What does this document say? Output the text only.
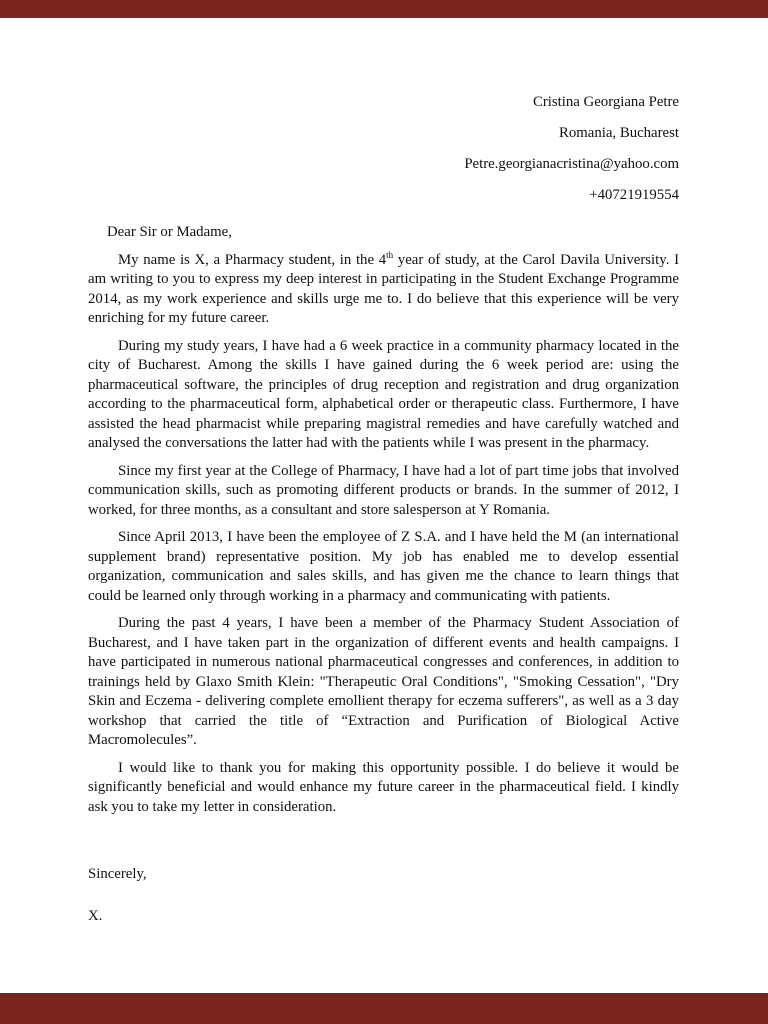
Cristina Georgiana Petre

Romania, Bucharest

Petre.georgianacristina@yahoo.com

+40721919554

Dear Sir or Madame,

My name is X, a Pharmacy student, in the 4th year of study, at the Carol Davila University. I am writing to you to express my deep interest in participating in the Student Exchange Programme 2014, as my work experience and skills urge me to. I do believe that this experience will be very enriching for my future career.

During my study years, I have had a 6 week practice in a community pharmacy located in the city of Bucharest. Among the skills I have gained during the 6 week period are: using the pharmaceutical software, the principles of drug reception and registration and drug organization according to the pharmaceutical form, alphabetical order or therapeutic class. Furthermore, I have assisted the head pharmacist while preparing magistral remedies and have carefully watched and analysed the conversations the latter had with the patients while I was present in the pharmacy.

Since my first year at the College of Pharmacy, I have had a lot of part time jobs that involved communication skills, such as promoting different products or brands. In the summer of 2012, I worked, for three months, as a consultant and store salesperson at Y Romania.

Since April 2013, I have been the employee of Z S.A. and I have held the M (an international supplement brand) representative position. My job has enabled me to develop essential organization, communication and sales skills, and has given me the chance to learn things that could be learned only through working in a pharmacy and communicating with patients.

During the past 4 years, I have been a member of the Pharmacy Student Association of Bucharest, and I have taken part in the organization of different events and health campaigns. I have participated in numerous national pharmaceutical congresses and conferences, in addition to trainings held by Glaxo Smith Klein: "Therapeutic Oral Conditions", "Smoking Cessation", "Dry Skin and Eczema - delivering complete emollient therapy for eczema sufferers", as well as a 3 day workshop that carried the title of “Extraction and Purification of Biological Active Macromolecules”.

I would like to thank you for making this opportunity possible. I do believe it would be significantly beneficial and would enhance my future career in the pharmaceutical field. I kindly ask you to take my letter in consideration.

Sincerely,

X.
